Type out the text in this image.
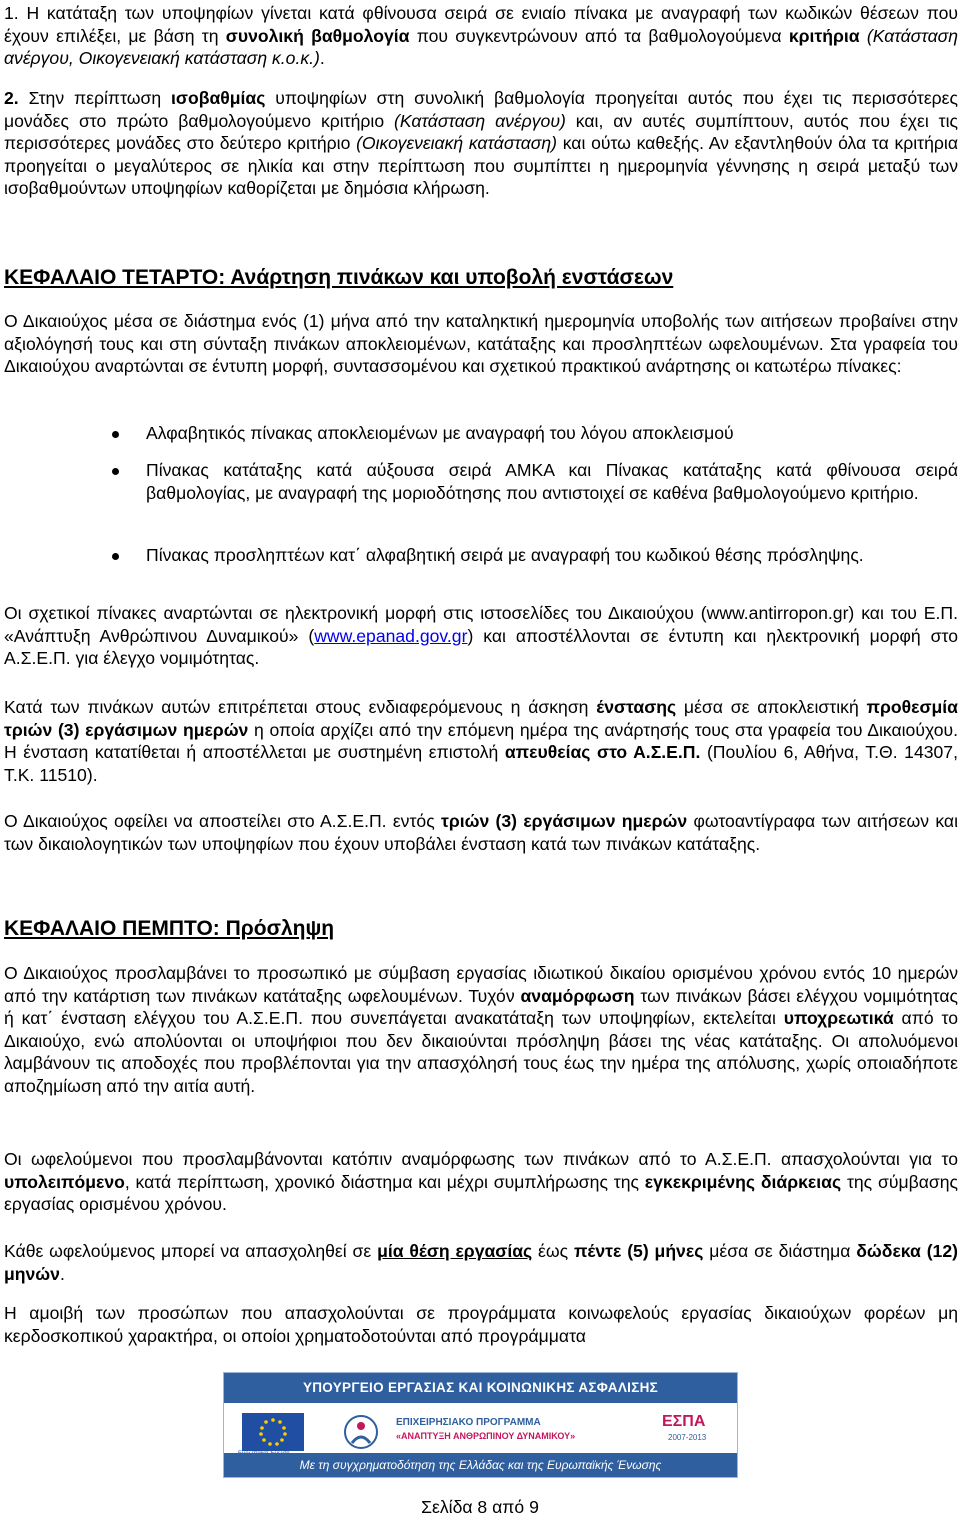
1. Η κατάταξη των υποψηφίων γίνεται κατά φθίνουσα σειρά σε ενιαίο πίνακα με αναγραφή των κωδικών θέσεων που έχουν επιλέξει, με βάση τη συνολική βαθμολογία που συγκεντρώνουν από τα βαθμολογούμενα κριτήρια (Κατάσταση ανέργου, Οικογενειακή κατάσταση κ.ο.κ.).

2. Στην περίπτωση ισοβαθμίας υποψηφίων στη συνολική βαθμολογία προηγείται αυτός που έχει τις περισσότερες μονάδες στο πρώτο βαθμολογούμενο κριτήριο (Κατάσταση ανέργου) και, αν αυτές συμπίπτουν, αυτός που έχει τις περισσότερες μονάδες στο δεύτερο κριτήριο (Οικογενειακή κατάσταση) και ούτω καθεξής. Αν εξαντληθούν όλα τα κριτήρια προηγείται ο μεγαλύτερος σε ηλικία και στην περίπτωση που συμπίπτει η ημερομηνία γέννησης η σειρά μεταξύ των ισοβαθμούντων υποψηφίων καθορίζεται με δημόσια κλήρωση.

ΚΕΦΑΛΑΙΟ ΤΕΤΑΡΤΟ: Ανάρτηση πινάκων και υποβολή ενστάσεων

Ο Δικαιούχος μέσα σε διάστημα ενός (1) μήνα από την καταληκτική ημερομηνία υποβολής των αιτήσεων προβαίνει στην αξιολόγησή τους και στη σύνταξη πινάκων αποκλειομένων, κατάταξης και προσληπτέων ωφελουμένων. Στα γραφεία του Δικαιούχου αναρτώνται σε έντυπη μορφή, συντασσομένου και σχετικού πρακτικού ανάρτησης οι κατωτέρω πίνακες:

Αλφαβητικός πίνακας αποκλειομένων με αναγραφή του λόγου αποκλεισμού

Πίνακας κατάταξης κατά αύξουσα σειρά ΑΜΚΑ και Πίνακας κατάταξης κατά φθίνουσα σειρά βαθμολογίας, με αναγραφή της μοριοδότησης που αντιστοιχεί σε καθένα βαθμολογούμενο κριτήριο.

Πίνακας προσληπτέων κατ΄ αλφαβητική σειρά με αναγραφή του κωδικού θέσης πρόσληψης.

Οι σχετικοί πίνακες αναρτώνται σε ηλεκτρονική μορφή στις ιστοσελίδες του Δικαιούχου (www.antirropon.gr) και του Ε.Π. «Ανάπτυξη Ανθρώπινου Δυναμικού» (www.epanad.gov.gr) και αποστέλλονται σε έντυπη και ηλεκτρονική μορφή στο Α.Σ.Ε.Π. για έλεγχο νομιμότητας.

Κατά των πινάκων αυτών επιτρέπεται στους ενδιαφερόμενους η άσκηση ένστασης μέσα σε αποκλειστική προθεσμία τριών (3) εργάσιμων ημερών η οποία αρχίζει από την επόμενη ημέρα της ανάρτησής τους στα γραφεία του Δικαιούχου. Η ένσταση κατατίθεται ή αποστέλλεται με συστημένη επιστολή απευθείας στο Α.Σ.Ε.Π. (Πουλίου 6, Αθήνα, Τ.Θ. 14307, Τ.Κ. 11510).

Ο Δικαιούχος οφείλει να αποστείλει στο Α.Σ.Ε.Π. εντός τριών (3) εργάσιμων ημερών φωτοαντίγραφα των αιτήσεων και των δικαιολογητικών των υποψηφίων που έχουν υποβάλει ένσταση κατά των πινάκων κατάταξης.

ΚΕΦΑΛΑΙΟ ΠΕΜΠΤΟ: Πρόσληψη

Ο Δικαιούχος προσλαμβάνει το προσωπικό με σύμβαση εργασίας ιδιωτικού δικαίου ορισμένου χρόνου εντός 10 ημερών από την κατάρτιση των πινάκων κατάταξης ωφελουμένων. Τυχόν αναμόρφωση των πινάκων βάσει ελέγχου νομιμότητας ή κατ΄ ένσταση ελέγχου του Α.Σ.Ε.Π. που συνεπάγεται ανακατάταξη των υποψηφίων, εκτελείται υποχρεωτικά από το Δικαιούχο, ενώ απολύονται οι υποψήφιοι που δεν δικαιούνται πρόσληψη βάσει της νέας κατάταξης. Οι απολυόμενοι λαμβάνουν τις αποδοχές που προβλέπονται για την απασχόλησή τους έως την ημέρα της απόλυσης, χωρίς οποιαδήποτε αποζημίωση από την αιτία αυτή.

Οι ωφελούμενοι που προσλαμβάνονται κατόπιν αναμόρφωσης των πινάκων από το Α.Σ.Ε.Π. απασχολούνται για το υπολειπόμενο, κατά περίπτωση, χρονικό διάστημα και μέχρι συμπλήρωσης της εγκεκριμένης διάρκειας της σύμβασης εργασίας ορισμένου χρόνου.

Κάθε ωφελούμενος μπορεί να απασχοληθεί σε μία θέση εργασίας έως πέντε (5) μήνες μέσα σε διάστημα δώδεκα (12) μηνών.

Η αμοιβή των προσώπων που απασχολούνται σε προγράμματα κοινωφελούς εργασίας δικαιούχων φορέων μη κερδοσκοπικού χαρακτήρα, οι οποίοι χρηματοδοτούνται από προγράμματα

ΥΠΟΥΡΓΕΙΟ ΕΡΓΑΣΙΑΣ ΚΑΙ ΚΟΙΝΩΝΙΚΗΣ ΑΣΦΑΛΙΣΗΣ
ΕΠΙΧΕΙΡΗΣΙΑΚΟ ΠΡΟΓΡΑΜΜΑ
«ΑΝΑΠΤΥΞΗ ΑΝΘΡΩΠΙΝΟΥ ΔΥΝΑΜΙΚΟΥ»
ΕΣΠΑ
2007-2013
Με τη συγχρηματοδότηση της Ελλάδας και της Ευρωπαϊκής Ένωσης
Σελίδα 8 από 9
